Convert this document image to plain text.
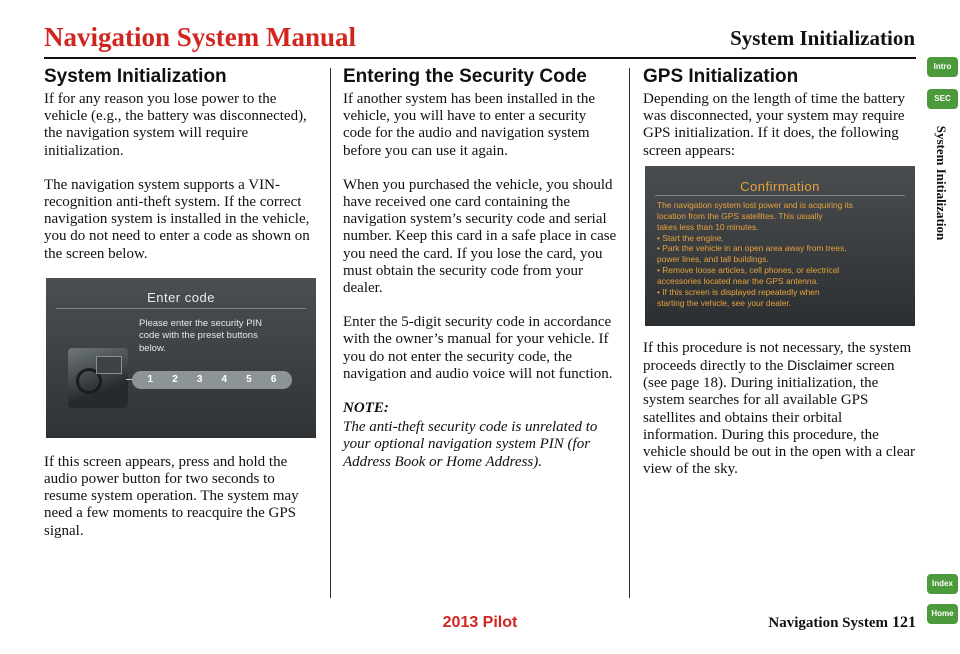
Navigation System Manual	System Initialization
System Initialization

If for any reason you lose power to the vehicle (e.g., the battery was disconnected), the navigation system will require initialization.

The navigation system supports a VIN-recognition anti-theft system. If the correct navigation system is installed in the vehicle, you do not need to enter a code as shown on the screen below.

Enter code
Please enter the security PIN code with the preset buttons below.
1 2 3 4 5 6

If this screen appears, press and hold the audio power button for two seconds to resume system operation. The system may need a few moments to reacquire the GPS signal.

Entering the Security Code

If another system has been installed in the vehicle, you will have to enter a security code for the audio and navigation system before you can use it again.

When you purchased the vehicle, you should have received one card containing the navigation system’s security code and serial number. Keep this card in a safe place in case you need the card. If you lose the card, you must obtain the security code from your dealer.

Enter the 5-digit security code in accordance with the owner’s manual for your vehicle. If you do not enter the security code, the navigation and audio voice will not function.

NOTE:
The anti-theft security code is unrelated to your optional navigation system PIN (for Address Book or Home Address).
GPS Initialization

Depending on the length of time the battery was disconnected, your system may require GPS initialization. If it does, the following screen appears:

Confirmation
The navigation system lost power and is acquiring its
location from the GPS satellites. This usually
takes less than 10 minutes.
• Start the engine.
• Park the vehicle in an open area away from trees,
power lines, and tall buildings.
• Remove loose articles, cell phones, or electrical
accessories located near the GPS antenna.
• If this screen is displayed repeatedly when
starting the vehicle, see your dealer.

If this procedure is not necessary, the system proceeds directly to the Disclaimer screen (see page 18). During initialization, the system searches for all available GPS satellites and obtains their orbital information. During this procedure, the vehicle should be out in the open with a clear view of the sky.

Navigation System 121
2013 Pilot
Intro
SEC
System Initialization
Index
Home
